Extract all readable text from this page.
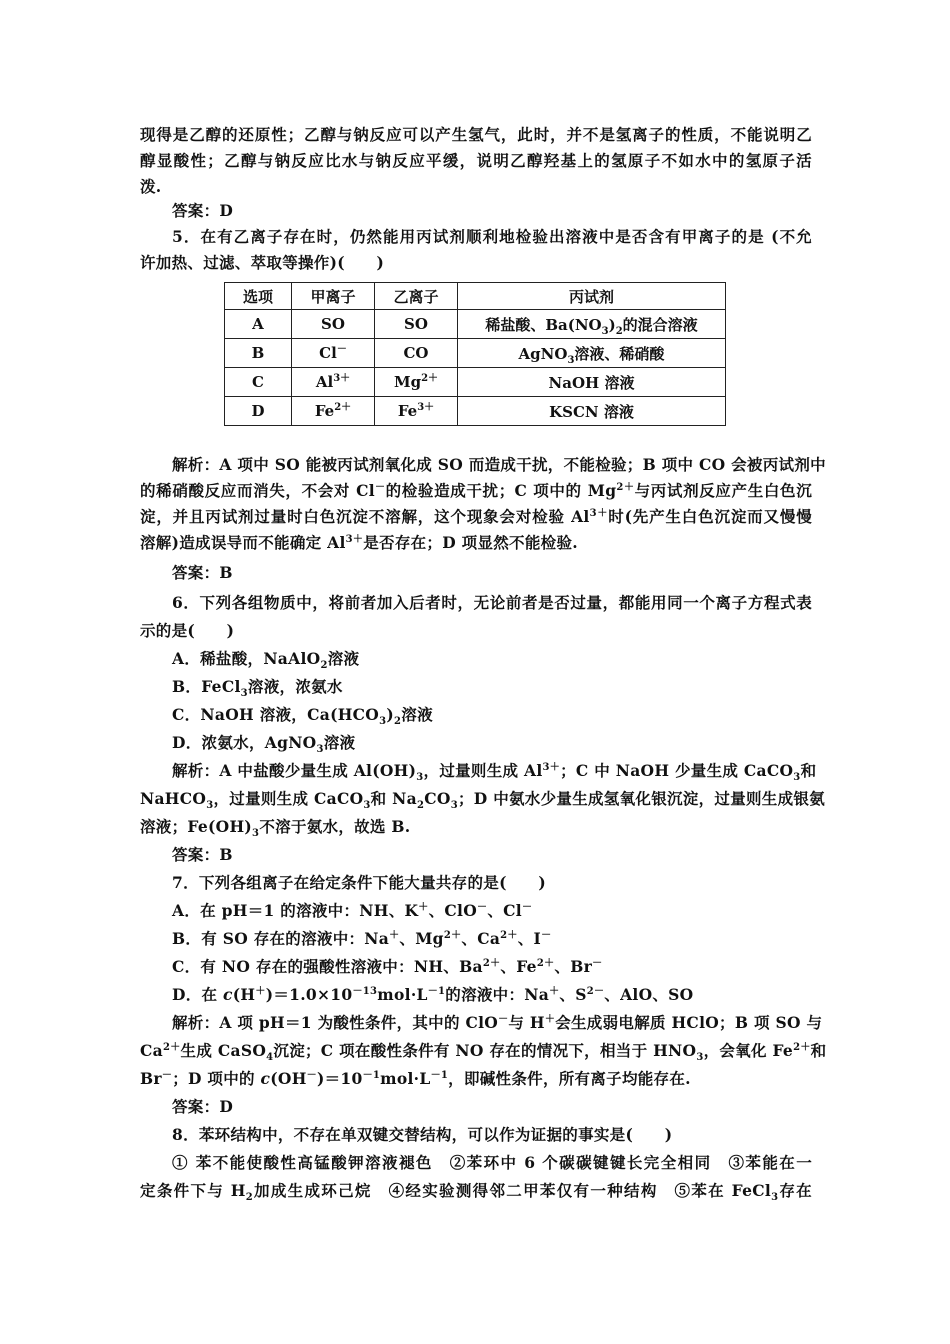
现得是乙醇的还原性；乙醇与钠反应可以产生氢气，此时，并不是氢离子的性质，不能说明乙
醇显酸性；乙醇与钠反应比水与钠反应平缓，说明乙醇羟基上的氢原子不如水中的氢原子活
泼.
答案：D
5．在有乙离子存在时，仍然能用丙试剂顺利地检验出溶液中是否含有甲离子的是 (不允
许加热、过滤、萃取等操作)(　　)
解析：A 项中 SO 能被丙试剂氧化成 SO 而造成干扰，不能检验；B 项中 CO 会被丙试剂中
的稀硝酸反应而消失，不会对 Cl－的检验造成干扰；C 项中的 $Mg^{2+}$与丙试剂反应产生白色沉
淀，并且丙试剂过量时白色沉淀不溶解，这个现象会对检验 $Al^{3+}$时(先产生白色沉淀而又慢慢
溶解)造成误导而不能确定 $Al^{3+}$是否存在；D 项显然不能检验.
答案：B
6．下列各组物质中，将前者加入后者时，无论前者是否过量，都能用同一个离子方程式表
示的是(　　)
A．稀盐酸，NaAlO$_2$溶液
B．FeCl$_3$溶液，浓氨水
C．NaOH 溶液，$Ca(HCO_3)_2$溶液
D．浓氨水，AgNO$_3$溶液
解析：A 中盐酸少量生成 $Al(OH)_3$，过量则生成 $Al^{3+}$；C 中 NaOH 少量生成 CaCO$_3$和
NaHCO$_3$，过量则生成 CaCO$_3$和 $Na_2CO_3$；D 中氨水少量生成氢氧化银沉淀，过量则生成银氨
溶液；$Fe(OH)_3$不溶于氨水，故选 B.
答案：B
7．下列各组离子在给定条件下能大量共存的是(　　)
A．在 pH＝1 的溶液中：NH、K＋、ClO－、Cl－
B．有 SO 存在的溶液中：Na＋、$Mg^{2+}$、$Ca^{2+}$、I－
C．有 NO 存在的强酸性溶液中：NH、$Ba^{2+}$、$Fe^{2+}$、Br－
D．在 $c(H^+)=1.0\times 10^{-13}mol\cdot L^{-1}$的溶液中：Na＋、$S^{2-}$、AlO、SO
解析：A 项 pH＝1 为酸性条件，其中的 ClO－与 H＋会生成弱电解质 HClO；B 项 SO 与
$Ca^{2+}$生成 CaSO$_4$沉淀；C 项在酸性条件有 NO 存在的情况下，相当于 $HNO_3$，会氧化 $Fe^{2+}$和
Br－；D 项中的 $c(OH^-)=10^{-1}mol\cdot L^{-1}$，即碱性条件，所有离子均能存在.
答案：D
8．苯环结构中，不存在单双键交替结构，可以作为证据的事实是(　　)
① 苯不能使酸性高锰酸钾溶液褪色　②苯环中 6 个碳碳键键长完全相同　③苯能在一
定条件下与 $H_2$加成生成环己烷　④经实验测得邻二甲苯仅有一种结构　⑤苯在 FeCl$_3$存在
选项	甲离子	乙离子	丙试剂
A	SO	SO	稀盐酸、$Ba(NO_3)_2$的混合溶液
B	Cl－	CO	AgNO$_3$溶液、稀硝酸
C	$Al^{3+}$	$Mg^{2+}$	NaOH 溶液
D	$Fe^{2+}$	$Fe^{3+}$	KSCN 溶液
